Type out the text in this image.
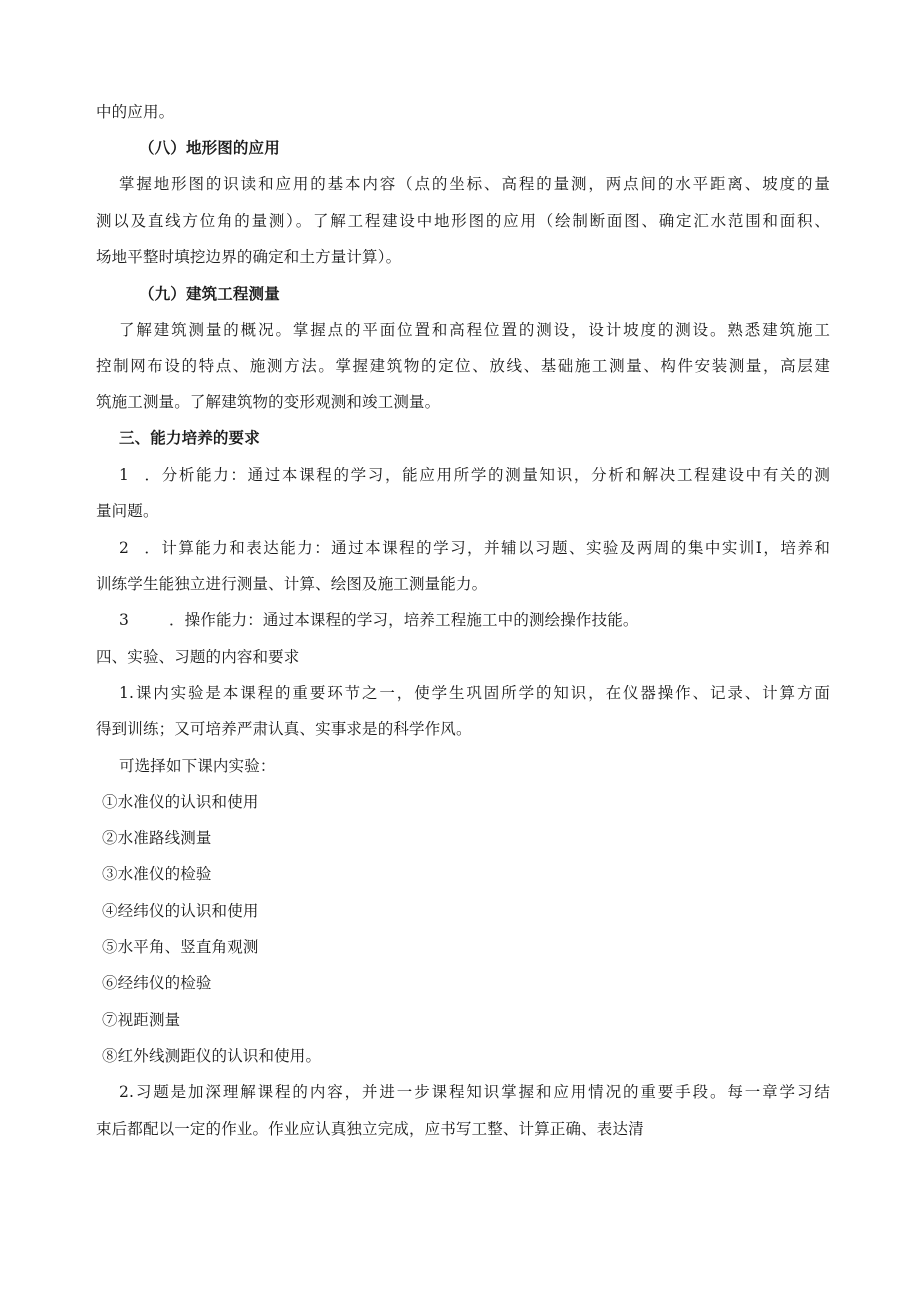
中的应用。
（八）地形图的应用
掌握地形图的识读和应用的基本内容（点的坐标、高程的量测，两点间的水平距离、坡度的量
测以及直线方位角的量测）。了解工程建设中地形图的应用（绘制断面图、确定汇水范围和面积、
场地平整时填挖边界的确定和土方量计算）。
（九）建筑工程测量
了解建筑测量的概况。掌握点的平面位置和高程位置的测设，设计坡度的测设。熟悉建筑施工
控制网布设的特点、施测方法。掌握建筑物的定位、放线、基础施工测量、构件安装测量，高层建
筑施工测量。了解建筑物的变形观测和竣工测量。
三、能力培养的要求
1 ．分析能力：通过本课程的学习，能应用所学的测量知识，分析和解决工程建设中有关的测
量问题。
2 ．计算能力和表达能力：通过本课程的学习，并辅以习题、实验及两周的集中实训I，培养和
训练学生能独立进行测量、计算、绘图及施工测量能力。
3	．操作能力：通过本课程的学习，培养工程施工中的测绘操作技能。
四、实验、习题的内容和要求
1.课内实验是本课程的重要环节之一，使学生巩固所学的知识，在仪器操作、记录、计算方面
得到训练；又可培养严肃认真、实事求是的科学作风。
可选择如下课内实验：
①水准仪的认识和使用
②水准路线测量
③水准仪的检验
④经纬仪的认识和使用
⑤水平角、竖直角观测
⑥经纬仪的检验
⑦视距测量
⑧红外线测距仪的认识和使用。
2.习题是加深理解课程的内容，并进一步课程知识掌握和应用情况的重要手段。每一章学习结
束后都配以一定的作业。作业应认真独立完成，应书写工整、计算正确、表达清
